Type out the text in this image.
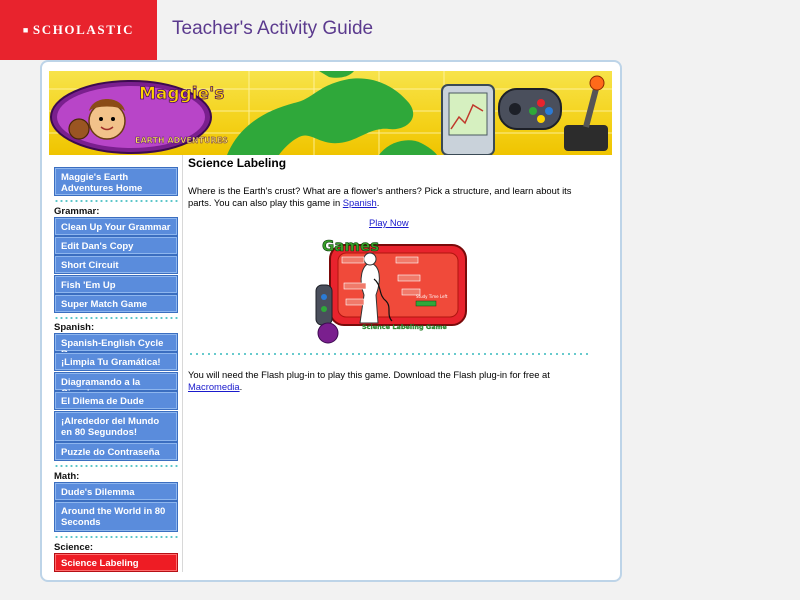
■ SCHOLASTIC Teacher's Activity Guide
Maggie's
EARTH ADVENTURES
Maggie's Earth Adventures Home
Grammar:
Clean Up Your Grammar
Edit Dan's Copy
Short Circuit
Fish 'Em Up
Super Match Game
Spanish:
Spanish-English Cycle
¡Limpia Tu Gramática!
Diagramando a la
El Dilema de Dude
¡Alrededor del Mundo en 80 Segundos!
Puzzle do Contraseña
Math:
Dude's Dilemma
Around the World in 80 Seconds
Science:
Science Labeling
Science Labeling
Where is the Earth's crust? What are a flower's anthers? Pick a structure, and learn about its parts. You can also play this game in Spanish.
Play Now
Study Time Left
Games
Science Labeling Game
You will need the Flash plug-in to play this game. Download the Flash plug-in for free at Macromedia.
